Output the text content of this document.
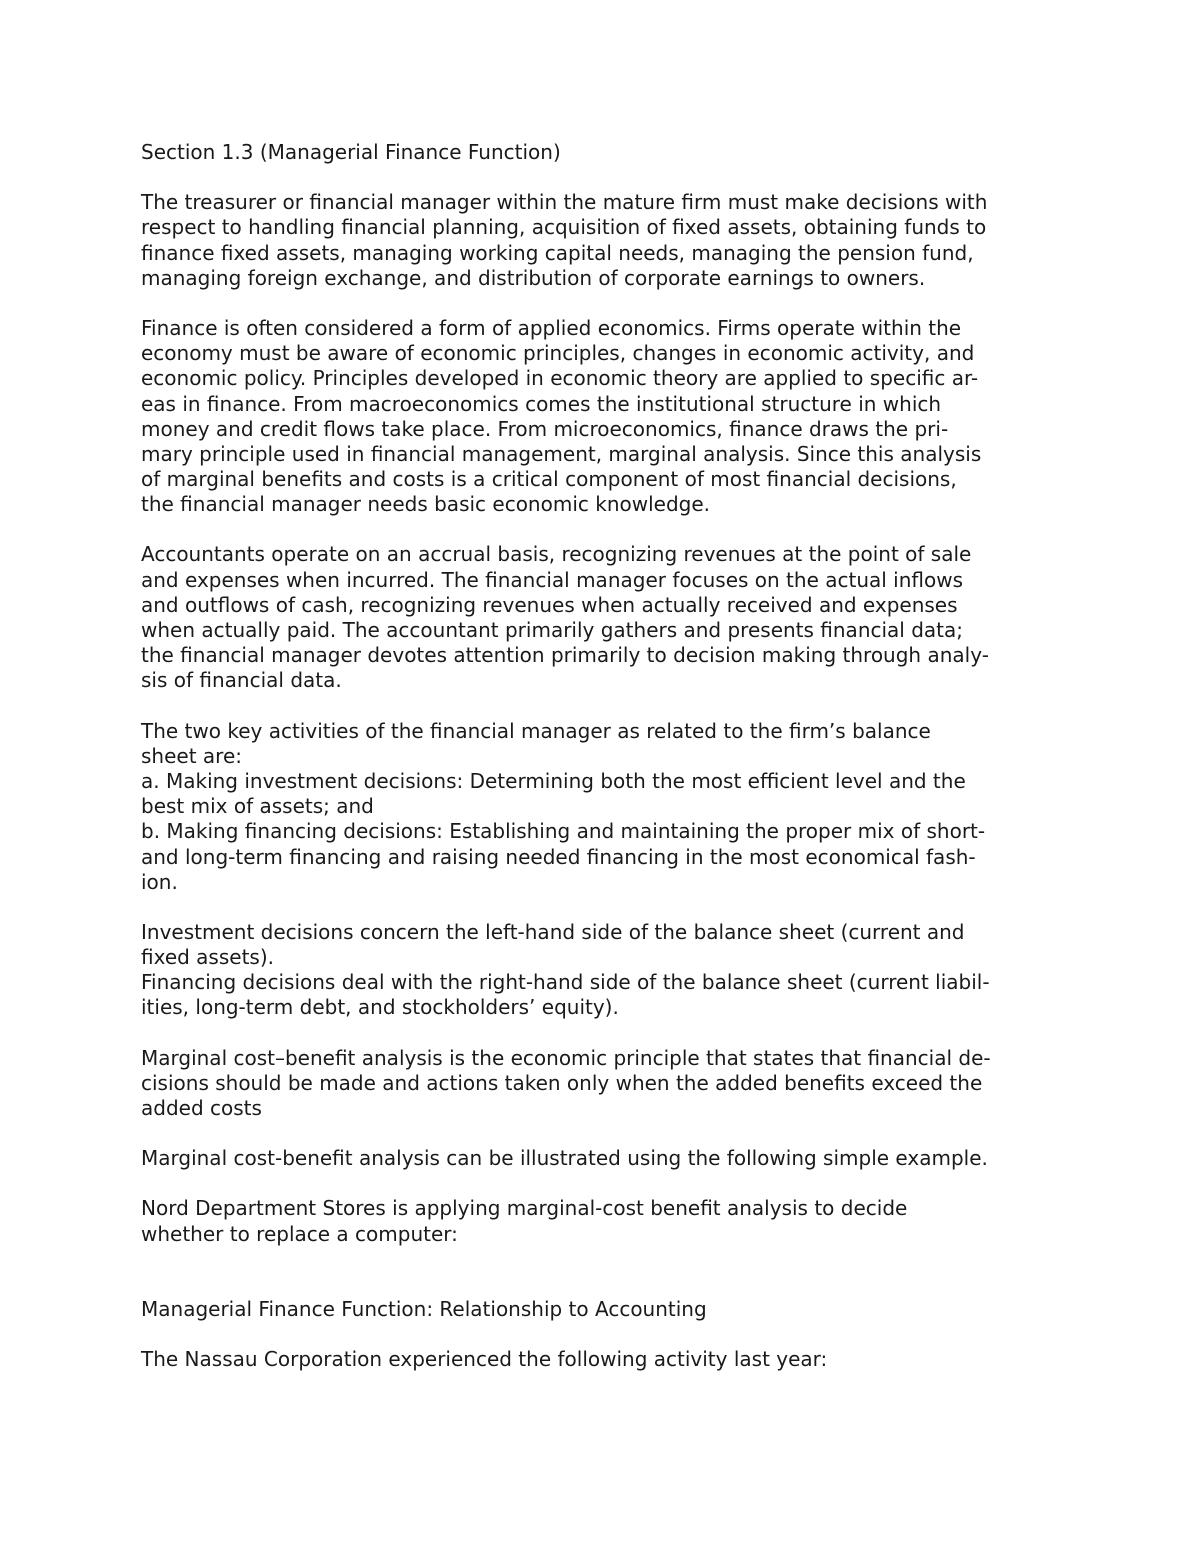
Section 1.3 (Managerial Finance Function)
The treasurer or financial manager within the mature firm must make decisions with
respect to handling financial planning, acquisition of fixed assets, obtaining funds to
finance fixed assets, managing working capital needs, managing the pension fund,
managing foreign exchange, and distribution of corporate earnings to owners.
Finance is often considered a form of applied economics. Firms operate within the
economy must be aware of economic principles, changes in economic activity, and
economic policy. Principles developed in economic theory are applied to specific ar-
eas in finance. From macroeconomics comes the institutional structure in which
money and credit flows take place. From microeconomics, finance draws the pri-
mary principle used in financial management, marginal analysis. Since this analysis
of marginal benefits and costs is a critical component of most financial decisions,
the financial manager needs basic economic knowledge.
Accountants operate on an accrual basis, recognizing revenues at the point of sale
and expenses when incurred. The financial manager focuses on the actual inflows
and outflows of cash, recognizing revenues when actually received and expenses
when actually paid. The accountant primarily gathers and presents financial data;
the financial manager devotes attention primarily to decision making through analy-
sis of financial data.
The two key activities of the financial manager as related to the firm’s balance
sheet are:
a. Making investment decisions: Determining both the most efficient level and the
best mix of assets; and
b. Making financing decisions: Establishing and maintaining the proper mix of short-
and long-term financing and raising needed financing in the most economical fash-
ion.
Investment decisions concern the left-hand side of the balance sheet (current and
fixed assets).
Financing decisions deal with the right-hand side of the balance sheet (current liabil-
ities, long-term debt, and stockholders’ equity).
Marginal cost–benefit analysis is the economic principle that states that financial de-
cisions should be made and actions taken only when the added benefits exceed the
added costs
Marginal cost-benefit analysis can be illustrated using the following simple example.
Nord Department Stores is applying marginal-cost benefit analysis to decide
whether to replace a computer:
Managerial Finance Function: Relationship to Accounting
The Nassau Corporation experienced the following activity last year:
